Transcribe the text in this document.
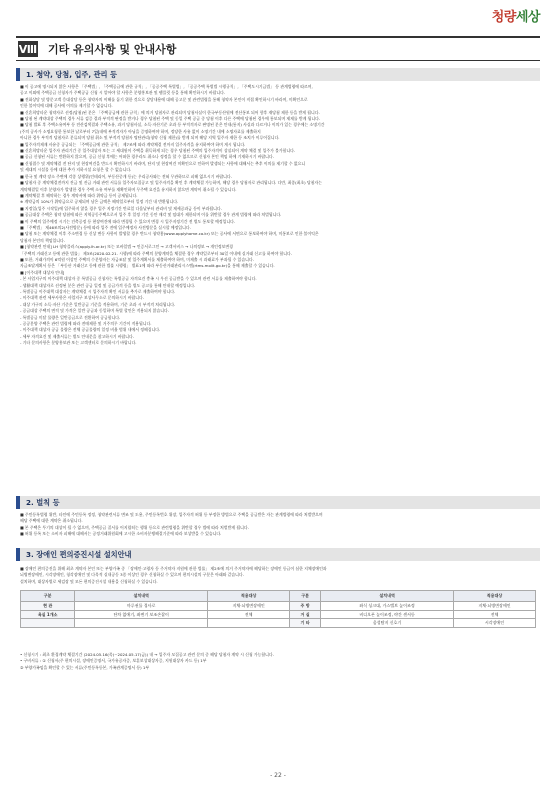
청량세상
Ⅷ 기타 유의사항 및 안내사항
1. 청약, 당첨, 입주, 관리 등
■ 이 공고에 명시되지 않은 사항은 「주택법」, 「주택공급에 관한 규칙」, 「공공주택 특별법」, 「공공주택 특별법 시행규칙」, 「주택도시기금법」 등 관계법령에 따르며,
공고 이외에 주택공급 신청자가 주택공급 신청 시 알아야 할 사항은 분양홍보관 및 팸플릿 등을 통해 확인하시기 바랍니다.
■ 전화상담 및 방문고객 응대상담 등은 청약자의 이해를 돕기 위한 것으로 상담내용에 대해 공고문 및 관련법령을 통해 청약자 본인이 직접 확인하시기 바라며, 미확인으로
인한 불이익에 대해 공사에 이의를 제기할 수 없습니다.
■ 신혼희망타운 청약자로 선정(당첨)된 분은 「주택공급에 관한 규칙」에 의거 당첨자로 관리되며 당첨사실이 한국부동산원에 전산통보 되어 향후 재당첨 제한 등을 받게 됩니다.
■ 당첨 된 계약대상 주택의 경우 서류 검증 결과 부적격 판정을 받거나 경우 당첨된 주택 및 동일 주택 공급 중 당첨 이후 다른 주택에 당첨된 경우에 통보되며 제재를 받게 됩니다.
■ 당첨 발표 후 주택소유여부 등 전산검색결과 주택소유, 과거 당첨사실, 소득·자산기준 초과 등 부적격자로 판명된 분은 안내(통지) 사실과 다르거나 이의가 있는 경우에는 소명기간
(주의 공사가 소명요청한 통보한 날로부터 7일)내에 부적격자가 아님을 증명하여야 하며, 정당한 사유 없이 소명기간 내에 소명자료를 제출하지
아니한 경우 부적격 당첨자로 분류되며 당첨 취소 및 부적격 당첨자 명단관리(청약 신청 제한)를 받게 되며 해당 지역 입주자 제한 등 조치가 이루어집니다.
■ 입주자격제재 사유중 공급되는 「주택공급에 관한 규칙」 제7조에 따라 계약체결 전까지 입주자격을 유지하여야 하며 게시 됩니다.
■ 신혼희망타운 입주자 관리기간 중 입주대상자 또는 그 세대원이 주택을 취득하게 되는 경우 당첨된 주택의 입주자격이 상실되어 계약 체결 및 입주가 불가합니다.
■ 공급 신청된 서류는 반환하지 않으며, 공급 신청 후에는 어떠한 경우라도 취소나 정정을 할 수 없으므로 신청자 본인 책임 하에 기재하시기 바랍니다.
■ 신청접수 및 계약체결 전 단지 및 현장여건을 반드시 확인하시기 바라며, 단지 및 현장여건 미확인으로 인하여 발생되는 사항에 대해서는 추후 이의를 제기할 수 없으니
및 세대의 시설물 등에 대한 추가 지하시설 요청은 할 수 없습니다.
■ 한국 및 계약 장소 주변에 각종 상행위(인테리어, 부동산중개 등)는 우리공사와는 전혀 무관하므로 피해 없으시기 바랍니다.
■ 당첨자 중 계약체결전까지 잔금 및 잔금 거래 관련 서류를 입주자모집공고 및 입주자격을 확인 후 계약체결 가능하며, 해당 경우 당첨자로 관리됩니다. 다만, 최종(최초) 당첨자는
계약체결일 이후 분양자가 발생한 경우 주택 소유 여부를 재확인하며 무주택 요건을 유지하지 않으면 계약이 취소될 수 있습니다.
■ 계약체결 후 해약하는 경우 계약서에 따라 위약금 등이 공제됩니다.
※ 계약금의 10%가 위약금으로 공제되며 남은 금액은 해약일로부터 일정 기간 내 반환됩니다.
■ 지정일(입주 시작일)에 입주하지 않을 경우 입주 지정기간 만료일 다음날부터 관리비 및 제세공과금 등이 부과됩니다.
■ 공급대상 주택은 청약 당첨에 따른 지역공동주택으로서 입주 후 일정 기간 동안 매각 및 임대가 제한되며 이를 위반할 경우 관계 법령에 따라 처벌됩니다.
■ 이 주택의 입주예정 시기는 건축공정 등 현장여건에 따라 변경될 수 있으며 변경 시 입주지정기간 전 별도 통보할 예정입니다.
■ 「주택법」 제46조의2(사전방문) 등에 따라 입주 전에 입주예정자 사전방문을 실시할 예정입니다.
■ 당첨 또는 계약체결 이후 주소변경 등 신상 변동 사항이 발생할 경우 반드시 청약홈(www.applyhome.co.kr) 또는 공사에 서면으로 통보하여야 하며, 미통보로 인한 불이익은
당첨자 본인의 책임입니다.
■ [청약관련 안내] LH 청약플러스(apply.lh.or.kr) 또는 모바일앱 → 인증서로그인 → 고객서비스 → 나의정보 → 개인정보변경
「주택의 거래신고 등에 관한 법률」 제3조(2020.02.21. 시행)에 따라 주택의 분양계약을 체결한 경우 계약일로부터 30일 이내에 실거래 신고를 하여야 합니다.
■ 또한, 거래가격이 6억원 이상인 주택의 수분양자는 자금조달 및 입주계획서를 제출하여야 하며, 미제출 시 과태료가 부과될 수 있습니다.
자금조달계획서 등은 「부동산 거래신고 등에 관한 법률 시행령」 별표1에 따라 부동산거래관리시스템(rtms.molit.go.kr)을 통해 제출할 수 있습니다.
■ [이주대책 대상자 안내]
- 본 사업지구의 이주대책 대상자 중 특별공급 신청자는 특별공급 자격요건 충족 시 우선 공급받을 수 있으며 관련 서류를 제출하여야 합니다.
- 생활대책 대상자로 선정된 분은 관련 공급 일정 및 공급가격 등을 별도 공고를 통해 안내할 예정입니다.
- 특별공급 이주대책 대상자는 계약체결 시 입주자격 확인 서류를 추가로 제출하여야 합니다.
- 이주대책 관련 세부사항은 사업지구 보상사무소로 문의하시기 바랍니다.
- 대상 가구의 소득·자산 기준은 일반공급 기준을 적용하며, 기준 초과 시 부적격 처리됩니다.
- 공급대상 주택의 면적 및 가격은 일반 공급과 동일하며 특별 할인은 적용되지 않습니다.
- 특별공급 미달 물량은 일반공급으로 전환하여 공급합니다.
- 공공분양 주택은 관련 법령에 따라 전매제한 및 거주의무 기간이 적용됩니다.
- 이주대책 대상자 공급 물량은 전체 공급물량의 일정 비율 범위 내에서 정해집니다.
- 세부 자격요건 및 제출서류는 별도 안내문을 참고하시기 바랍니다.
- 기타 문의사항은 분양홍보관 또는 고객센터로 문의하시기 바랍니다.
2. 벌칙 등
■ 주민등록법령 위반, 타인에 주민등록 정정, 청약관련서류 변조 및 도용, 주민등록번호 위장, 입주자격 허위 등 부정한 방법으로 주택을 공급받은 자는 관계법령에 따라 처벌받으며
해당 주택에 대한 계약은 취소됩니다.
■ 본 주택은 투기의 대상이 될 수 없으며, 주택공급 질서를 어지럽히는 행위 등으로 관련법령을 위반할 경우 법에 따라 처벌받게 됩니다.
■ 허위 등록 또는 소비자 피해에 대해서는 공정거래위원회에 고시한 소비자분쟁해결기준에 따라 보상받을 수 있습니다.
3. 장애인 편의증진시설 설치안내
■ 장애인 편의증진을 위해 최초 계약자 본인 또는 부양가족 중 「장애인·고령자 등 주거약자 지원에 관한 법률」 제2조에 의거 주거약자에 해당하는 장애인 등급이 심한 지체장애인과
뇌병변장애인, 시각장애인, 청각장애인 및 다목적 실내공동 3종 이상인 경우 신청하실 수 있으며 편의시설의 구분은 아래와 같습니다.
설치하며, 대상자별로 세검장 및 모든 편의증진시설 내용을 신청하실 수 있습니다.
구분	설치내역	적용대상	구분	설치내역	적용대상
현 관	마루권틀 경사로	지체·뇌병변장애인	주 방	좌식 싱크대, 가스밸브 높이조정	지체·뇌병변장애인
욕실 1개소	단차 없애기, 좌변기 보조손잡이	전체	거 실	비디오폰 높이조정, 야간 센서등	전체
			기 타	음성탐지 신호기	시각장애인
• 신청시기 : 최초 환경계약 체결기간 (2024.05.16(목)~2024.05.17(금)) 내 → 입주자 모집공고 관련 문의 중 해당 당첨자 계약 시 신청 가능합니다.
• 구비서류 : ① 신청서(주 편의시설, 장애인증명서, 국가유공자증, 보훈보상대상자증, 지원대상자 카드 등) 1부
② 부양가족임을 확인할 수 있는 서류(주민등록등본, 가족관계증명서 등) 1부
- 22 -
